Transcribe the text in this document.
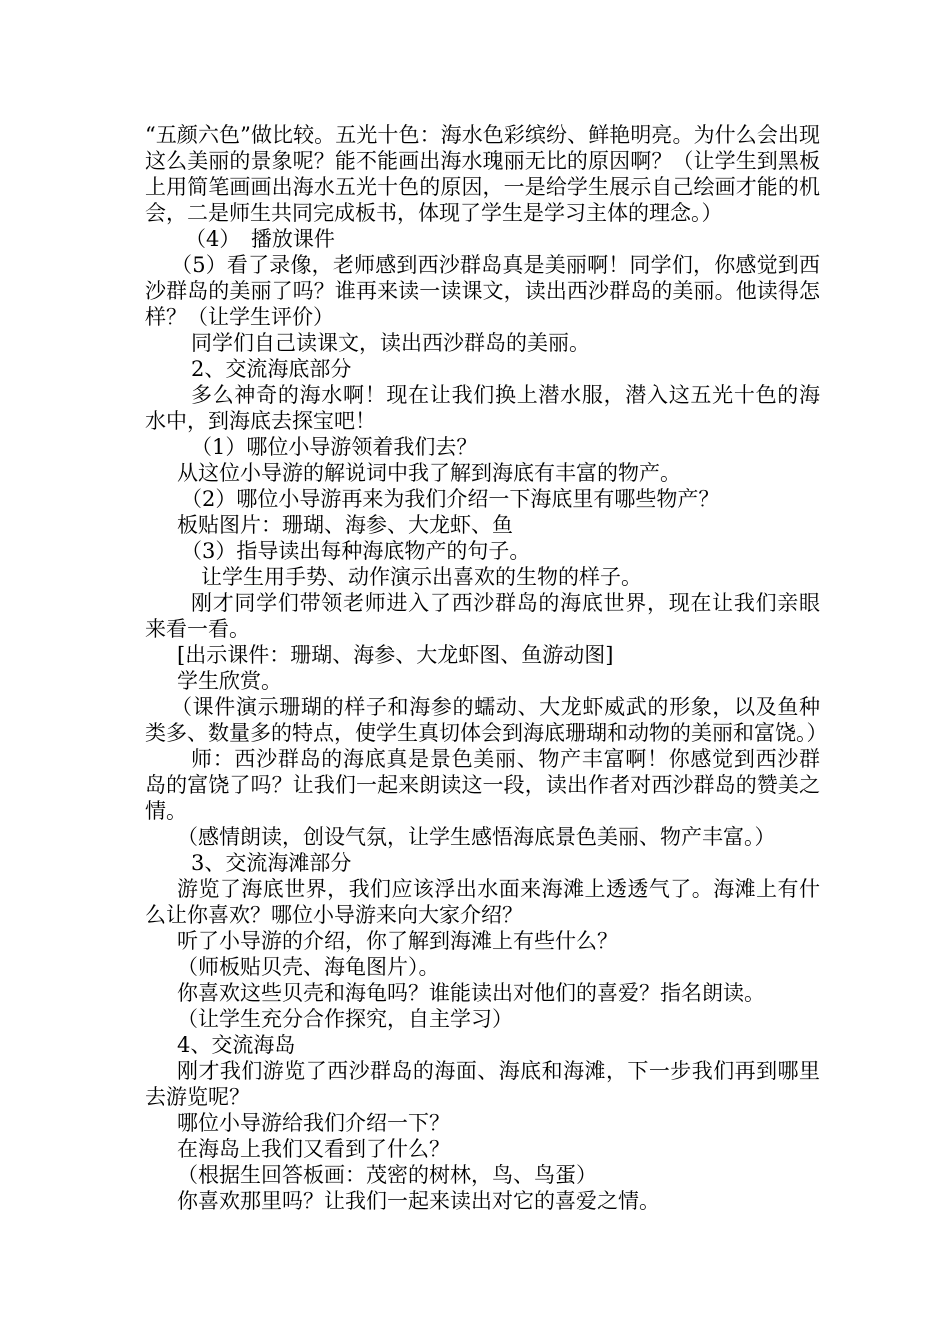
“五颜六色”做比较。五光十色：海水色彩缤纷、鲜艳明亮。为什么会出现这么美丽的景象呢？能不能画出海水瑰丽无比的原因啊？（让学生到黑板上用简笔画画出海水五光十色的原因，一是给学生展示自己绘画才能的机会，二是师生共同完成板书，体现了学生是学习主体的理念。）

（4）　播放课件

（5）看了录像，老师感到西沙群岛真是美丽啊！同学们，你感觉到西沙群岛的美丽了吗？谁再来读一读课文，读出西沙群岛的美丽。他读得怎样？（让学生评价）

同学们自己读课文，读出西沙群岛的美丽。

2、交流海底部分

多么神奇的海水啊！现在让我们换上潜水服，潜入这五光十色的海水中，到海底去探宝吧！

（1）哪位小导游领着我们去？

从这位小导游的解说词中我了解到海底有丰富的物产。

（2）哪位小导游再来为我们介绍一下海底里有哪些物产？

板贴图片：珊瑚、海参、大龙虾、鱼

（3）指导读出每种海底物产的句子。

让学生用手势、动作演示出喜欢的生物的样子。

刚才同学们带领老师进入了西沙群岛的海底世界，现在让我们亲眼来看一看。

[出示课件：珊瑚、海参、大龙虾图、鱼游动图]

学生欣赏。

（课件演示珊瑚的样子和海参的蠕动、大龙虾威武的形象，以及鱼种类多、数量多的特点，使学生真切体会到海底珊瑚和动物的美丽和富饶。）

师：西沙群岛的海底真是景色美丽、物产丰富啊！你感觉到西沙群岛的富饶了吗？让我们一起来朗读这一段，读出作者对西沙群岛的赞美之情。

（感情朗读，创设气氛，让学生感悟海底景色美丽、物产丰富。）

3、交流海滩部分

游览了海底世界，我们应该浮出水面来海滩上透透气了。海滩上有什么让你喜欢？哪位小导游来向大家介绍？

听了小导游的介绍，你了解到海滩上有些什么？

（师板贴贝壳、海龟图片）。

你喜欢这些贝壳和海龟吗？谁能读出对他们的喜爱？指名朗读。

（让学生充分合作探究，自主学习）

4、交流海岛

刚才我们游览了西沙群岛的海面、海底和海滩，下一步我们再到哪里去游览呢？

哪位小导游给我们介绍一下？

在海岛上我们又看到了什么？

（根据生回答板画：茂密的树林，鸟、鸟蛋）

你喜欢那里吗？让我们一起来读出对它的喜爱之情。
